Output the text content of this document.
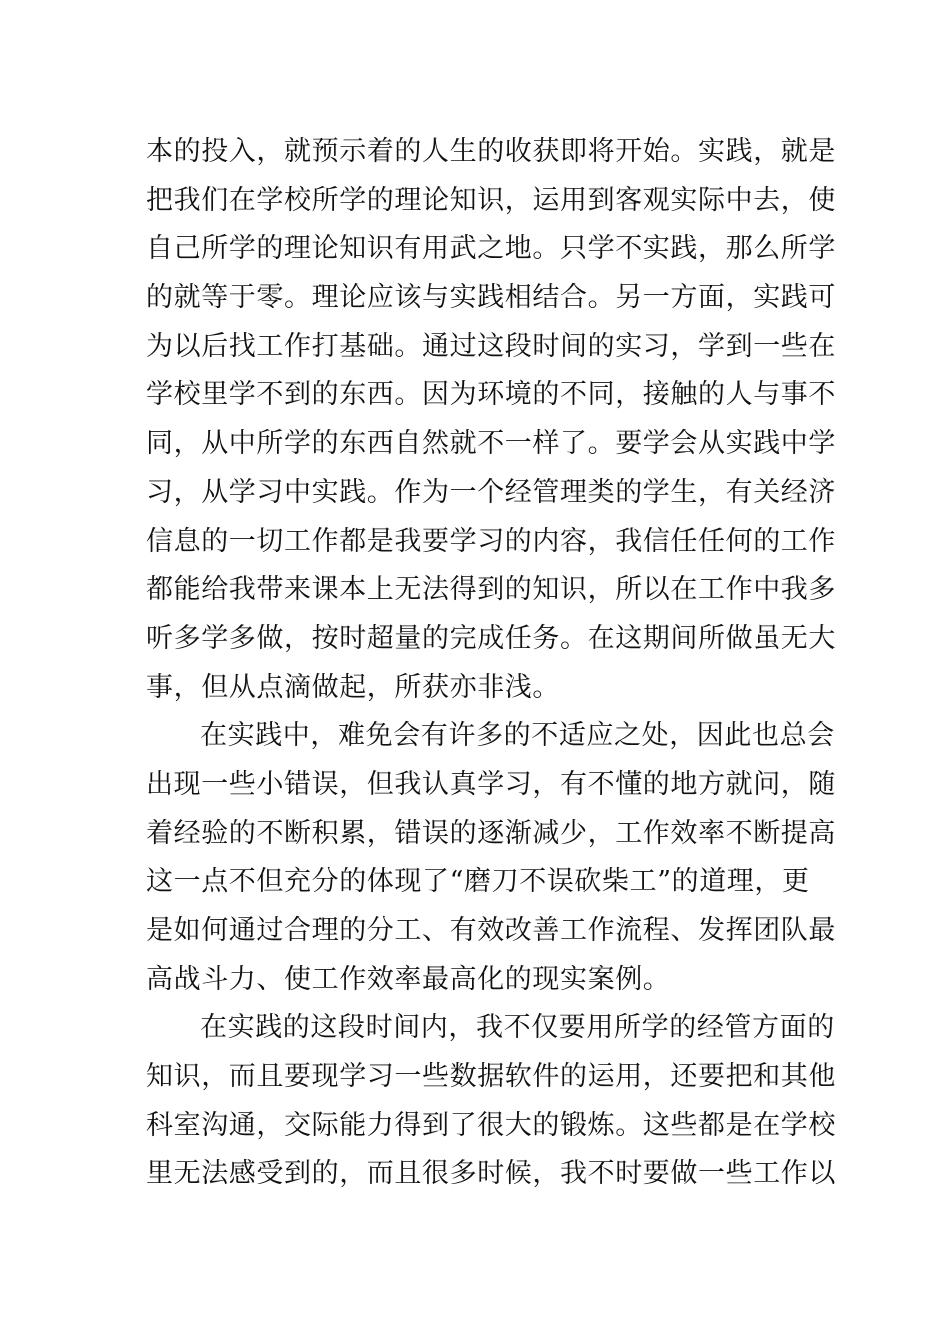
本的投入，就预示着的人生的收获即将开始。实践，就是
把我们在学校所学的理论知识，运用到客观实际中去，使
自己所学的理论知识有用武之地。只学不实践，那么所学
的就等于零。理论应该与实践相结合。另一方面，实践可
为以后找工作打基础。通过这段时间的实习，学到一些在
学校里学不到的东西。因为环境的不同，接触的人与事不
同，从中所学的东西自然就不一样了。要学会从实践中学
习，从学习中实践。作为一个经管理类的学生，有关经济
信息的一切工作都是我要学习的内容，我信任任何的工作
都能给我带来课本上无法得到的知识，所以在工作中我多
听多学多做，按时超量的完成任务。在这期间所做虽无大
事，但从点滴做起，所获亦非浅。
在实践中，难免会有许多的不适应之处，因此也总会
出现一些小错误，但我认真学习，有不懂的地方就问，随
着经验的不断积累，错误的逐渐减少，工作效率不断提高
这一点不但充分的体现了“磨刀不误砍柴工”的道理，更
是如何通过合理的分工、有效改善工作流程、发挥团队最
高战斗力、使工作效率最高化的现实案例。
在实践的这段时间内，我不仅要用所学的经管方面的
知识，而且要现学习一些数据软件的运用，还要把和其他
科室沟通，交际能力得到了很大的锻炼。这些都是在学校
里无法感受到的，而且很多时候，我不时要做一些工作以
